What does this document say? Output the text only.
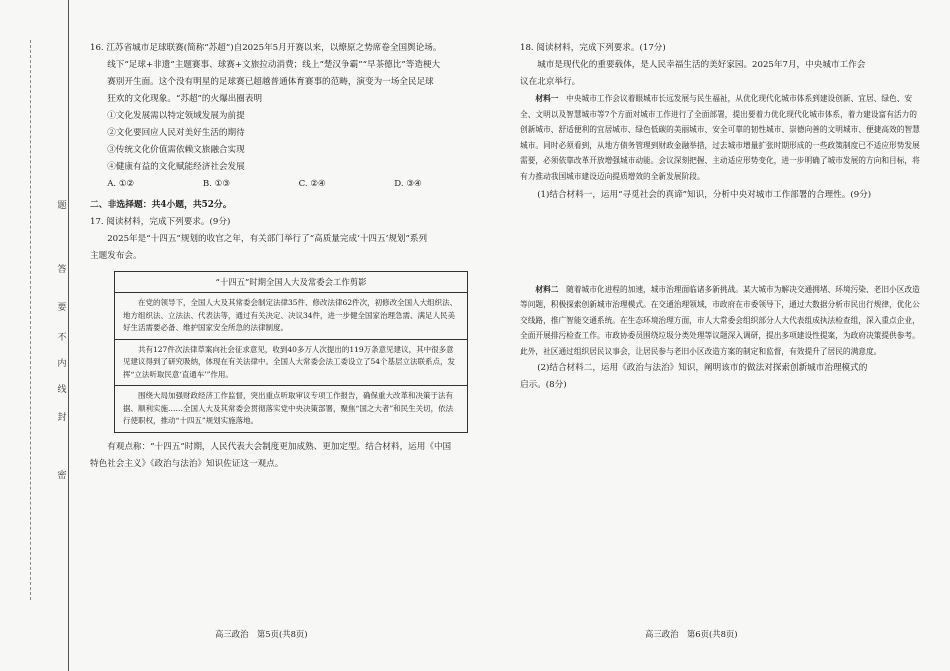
题
答
要
不
内
线
封
密

16. 江苏省城市足球联赛(简称“苏超”)自2025年5月开赛以来，以燎原之势席卷全国舆论场。

线下“足球+非遗”主题赛事、球赛+文旅拉动消费；线上“楚汉争霸”“早茶德比”等造梗大

赛別开生面。这个没有明星的足球赛已超越普通体育赛事的范畴，演变为一场全民足球

狂欢的文化现象。“苏超”的火爆出圈表明

①文化发展需以特定领域发展为前提

②文化要回应人民对美好生活的期待

③传统文化价值需依赖文旅融合实现

④健康有益的文化赋能经济社会发展

A. ①②	B. ①③	C. ②④	D. ③④

二、非选择题：共4小题，共52分。

17. 阅读材料，完成下列要求。(9分)

2025年是“十四五”规划的收官之年，有关部门举行了“高质量完成‘十四五’规划”系列

主题发布会。

“十四五”时期全国人大及常委会工作剪影
在党的领导下，全国人大及其常委会制定法律35件、修改法律62件次，初修改全国人大组织法、地方组织法、立法法、代表法等，通过有关决定、决议34件，进一步健全国家治理急需、满足人民美好生活需要必备、维护国家安全所急的法律制度。
共有127件次法律草案向社会征求意见，收到40多万人次提出的119万条意见建议，其中很多意见建议得到了研究吸纳，体现在有关法律中。全国人大常委会法工委设立了54个基层立法联系点，发挥“立法听取民意‘直通车’”作用。
围绕大局加强财政经济工作监督，突出重点听取审议专项工作报告，确保重大改革和决策于法有据、顺利实施……全国人大及其常委会贯彻落实党中央决策部署，聚焦“国之大者”和民生关切，依法行使职权，推动“十四五”规划实施落地。

有观点称：“十四五”时期，人民代表大会制度更加成熟、更加定型。结合材料，运用《中国

特色社会主义》《政治与法治》知识佐证这一观点。

高三政治　第5页(共8页)

18. 阅读材料，完成下列要求。(17分)

城市是现代化的重要载体，是人民幸福生活的美好家园。2025年7月，中央城市工作会

议在北京举行。

材料一　中央城市工作会议着眼城市长远发展与民生福祉，从优化现代化城市体系到建设创新、宜居、绿色、安全、文明以及智慧城市等7个方面对城市工作进行了全面部署，提出要着力优化现代化城市体系，着力建设富有活力的创新城市、舒适便利的宜居城市、绿色低碳的美丽城市、安全可靠的韧性城市、崇德向善的文明城市、便捷高效的智慧城市。同时必须看到，从地方债务管理到财政金融举措，过去城市增量扩张时期形成的一些政策制度已不适应形势发展需要，必须依靠改革开放增强城市动能。会议深刻把握、主动适应形势变化，进一步明确了城市发展的方向和目标，将有力推动我国城市建设迈向提质增效的全新发展阶段。

(1)结合材料一，运用“寻觅社会的真谛”知识，分析中央对城市工作部署的合理性。(9分)

材料二　随着城市化进程的加速，城市治理面临诸多新挑战。某大城市为解决交通拥堵、环境污染、老旧小区改造等问题，积极探索创新城市治理模式。在交通治理领域，市政府在市委领导下，通过大数据分析市民出行规律，优化公交线路，推广智能交通系统。在生态环境治理方面，市人大常委会组织部分人大代表组成执法检查组，深入重点企业，全面开展排污检查工作。市政协委员围绕垃圾分类处理等议题深入调研，提出多项建设性提案，为政府决策提供参考。此外，社区通过组织居民议事会，让居民参与老旧小区改造方案的制定和监督，有效提升了居民的满意度。

(2)结合材料二，运用《政治与法治》知识，阐明该市的做法对探索创新城市治理模式的

启示。(8分)

高三政治　第6页(共8页)
